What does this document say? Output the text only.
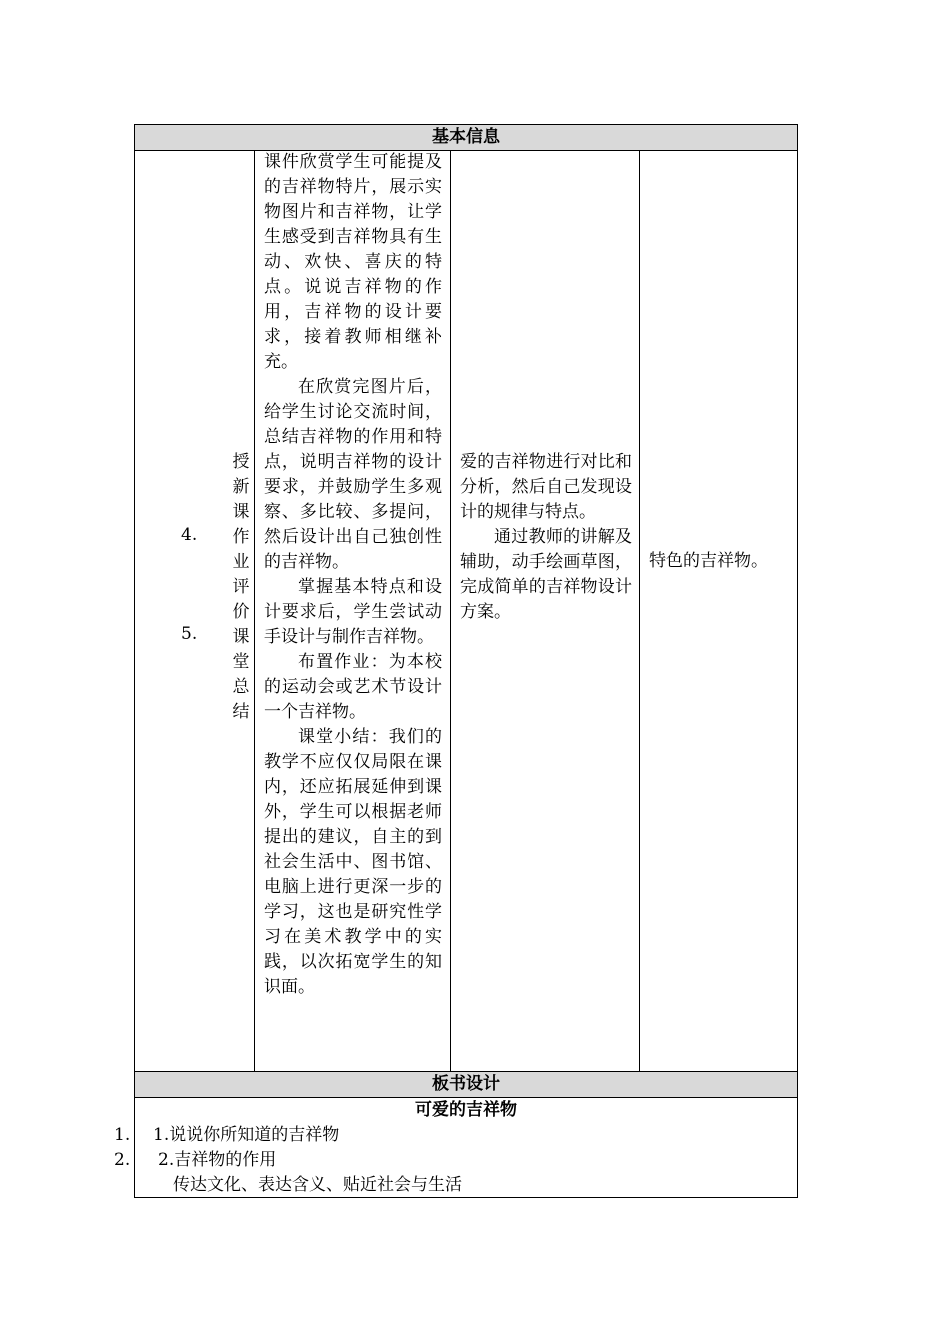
基本信息
4.
5.
授
新
课
作
业
评
价
课
堂
总
结

课件欣赏学生可能提及的吉祥物特片，展示实物图片和吉祥物，让学生感受到吉祥物具有生动、欢快、喜庆的特点。说说吉祥物的作用，吉祥物的设计要求，接着教师相继补充。

在欣赏完图片后，给学生讨论交流时间，总结吉祥物的作用和特点，说明吉祥物的设计要求，并鼓励学生多观察、多比较、多提问，然后设计出自己独创性的吉祥物。

掌握基本特点和设计要求后，学生尝试动手设计与制作吉祥物。

布置作业：为本校的运动会或艺术节设计一个吉祥物。

课堂小结：我们的教学不应仅仅局限在课内，还应拓展延伸到课外，学生可以根据老师提出的建议，自主的到社会生活中、图书馆、电脑上进行更深一步的学习，这也是研究性学习在美术教学中的实践，以次拓宽学生的知识面。

爱的吉祥物进行对比和分析，然后自己发现设计的规律与特点。

通过教师的讲解及辅助，动手绘画草图，完成简单的吉祥物设计方案。

特色的吉祥物。
板书设计
可爱的吉祥物
1. 1.说说你所知道的吉祥物
2. 2.吉祥物的作用
传达文化、表达含义、贴近社会与生活
